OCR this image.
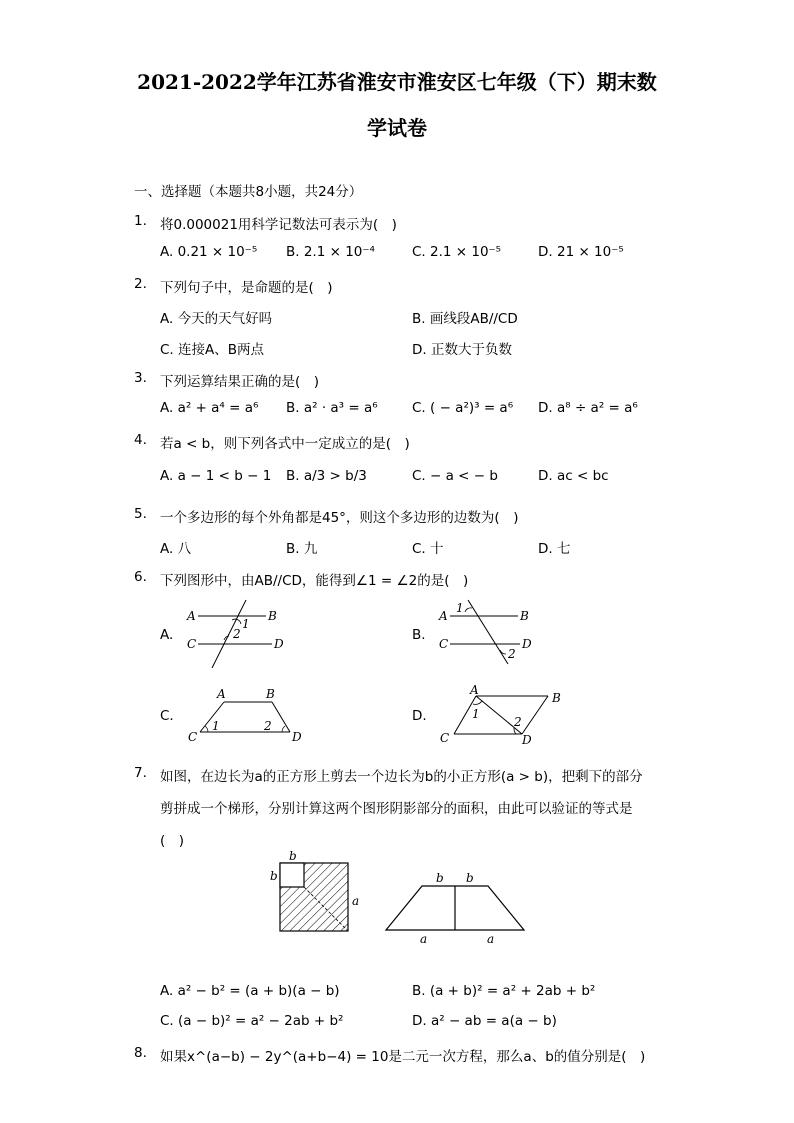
2021-2022学年江苏省淮安市淮安区七年级（下）期末数
学试卷
一、选择题（本题共8小题，共24分）
1. 将0.000021用科学记数法可表示为(　)
A. 0.21 × 10⁻⁵ B. 2.1 × 10⁻⁴	C. 2.1 × 10⁻⁵	D. 21 × 10⁻⁵
2. 下列句子中，是命题的是(　)
A. 今天的天气好吗	B. 画线段AB//CD
C. 连接A、B两点	D. 正数大于负数
3. 下列运算结果正确的是(　)
A. a² + a⁴ = a⁶ B. a² · a³ = a⁶	C. ( − a²)³ = a⁶ D. a⁸ ÷ a² = a⁶
4. 若a < b，则下列各式中一定成立的是(　)
A. a − 1 < b − 1 B. a/3 > b/3	C. − a < − b	D. ac < bc
5. 一个多边形的每个外角都是45°，则这个多边形的边数为(　)
A. 八	B. 九	C. 十	D. 七
6. 下列图形中，由AB//CD，能得到∠1 = ∠2的是(　)
A.
A	B
C	D
1
2	B.
A	B
C	D
1
2
C.
A	B
C	D
1	2
D.
A
B
C	D
1
2
7. 如图，在边长为a的正方形上剪去一个边长为b的小正方形(a > b)，把剩下的部分
剪拼成一个梯形，分别计算这两个图形阴影部分的面积，由此可以验证的等式是
(　)
b
b
a
b b
a	a
A. a² − b² = (a + b)(a − b)	B. (a + b)² = a² + 2ab + b²
C. (a − b)² = a² − 2ab + b²	D. a² − ab = a(a − b)
8. 如果x^(a−b) − 2y^(a+b−4) = 10是二元一次方程，那么a、b的值分别是(　)
